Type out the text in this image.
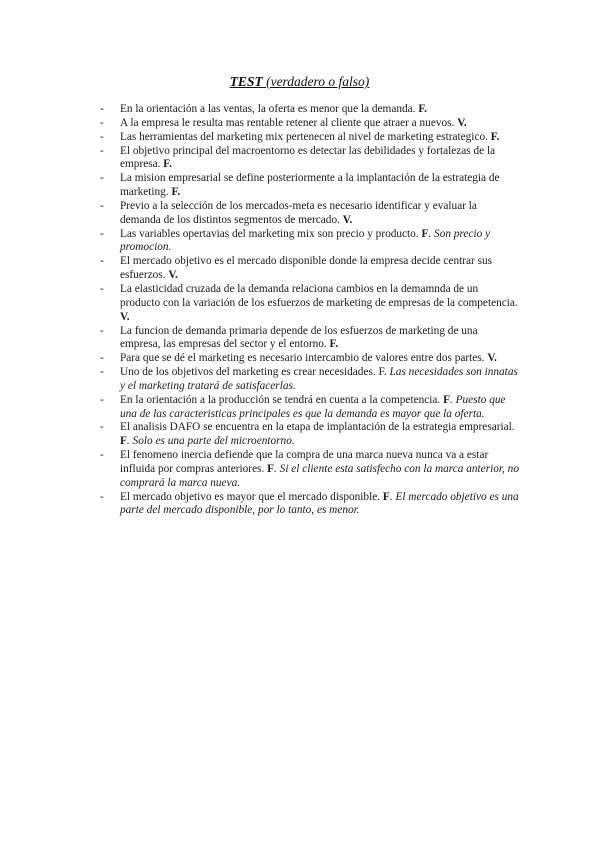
TEST (verdadero o falso)
-	En la orientación a las ventas, la oferta es menor que la demanda. F.
-	A la empresa le resulta mas rentable retener al cliente que atraer a nuevos. V.
-	Las herramientas del marketing mix pertenecen al nivel de marketing estrategico. F.
-	El objetivo principal del macroentorno es detectar las debilidades y fortalezas de la empresa. F.
-	La mision empresarial se define posteriormente a la implantación de la estrategia de marketing. F.
-	Previo a la selección de los mercados-meta es necesario identificar y evaluar la demanda de los distintos segmentos de mercado. V.
-	Las variables opertavias del marketing mix son precio y producto. F. Son precio y promocion.
-	El mercado objetivo es el mercado disponible donde la empresa decide centrar sus esfuerzos. V.
-	La elasticidad cruzada de la demanda relaciona cambios en la demamnda de un producto con la variación de los esfuerzos de marketing de empresas de la competencia. V.
-	La funcion de demanda primaria depende de los esfuerzos de marketing de una empresa, las empresas del sector y el entorno. F.
-	Para que se dé el marketing es necesario intercambio de valores entre dos partes. V.
-	Uno de los objetivos del marketing es crear necesidades. F. Las necesidades son innatas y el marketing tratará de satisfacerlas.
-	En la orientación a la producción se tendrá en cuenta a la competencia. F. Puesto que una de las caracteristicas principales es que la demanda es mayor que la oferta.
-	El analisis DAFO se encuentra en la etapa de implantación de la estrategia empresarial. F. Solo es una parte del microentorno.
-	El fenomeno inercia defiende que la compra de una marca nueva nunca va a estar influida por compras anteriores. F. Si el cliente esta satisfecho con la marca anterior, no comprará la marca nueva.
-	El mercado objetivo es mayor que el mercado disponible. F. El mercado objetivo es una parte del mercado disponible, por lo tanto, es menor.
